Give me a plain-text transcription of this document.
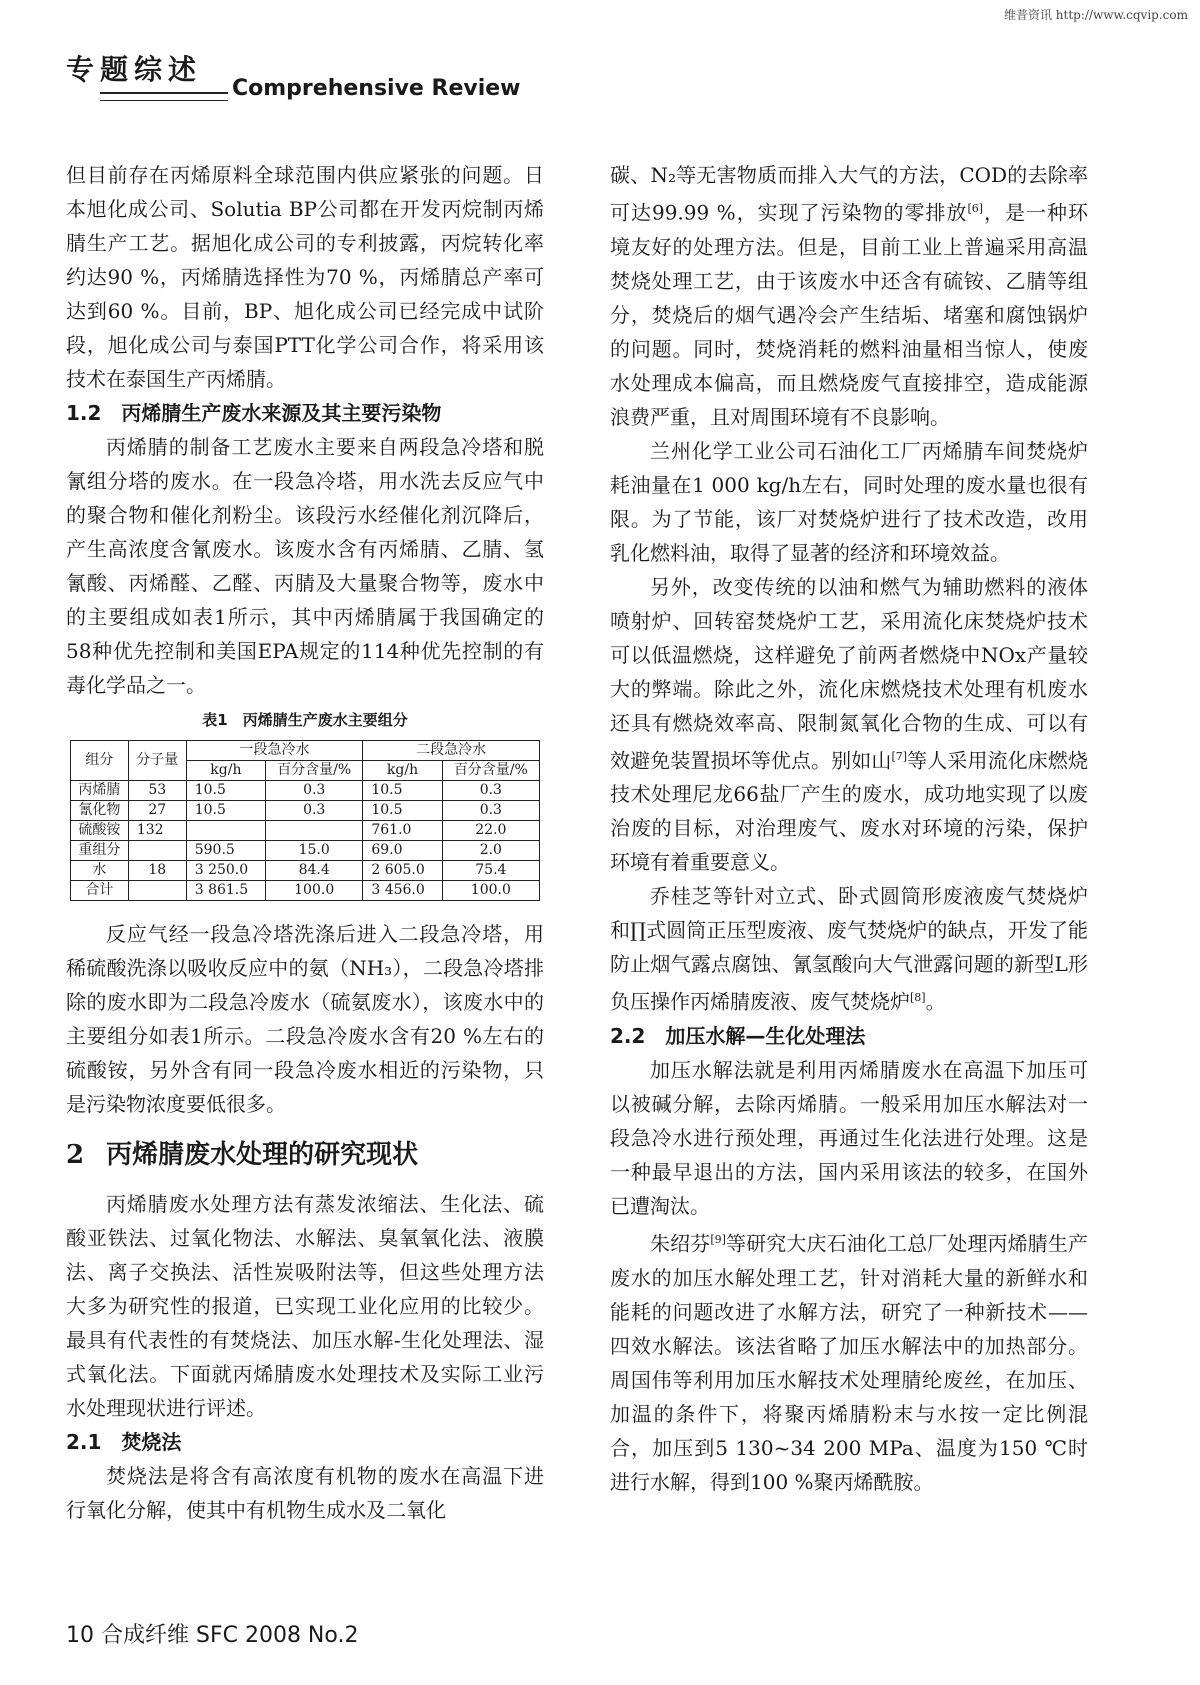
维普资讯 http://www.cqvip.com
专题综述
Comprehensive Review

但目前存在丙烯原料全球范围内供应紧张的问题。日本旭化成公司、Solutia BP公司都在开发丙烷制丙烯腈生产工艺。据旭化成公司的专利披露，丙烷转化率约达90 %，丙烯腈选择性为70 %，丙烯腈总产率可达到60 %。目前，BP、旭化成公司已经完成中试阶段，旭化成公司与泰国PTT化学公司合作，将采用该技术在泰国生产丙烯腈。

1.2　丙烯腈生产废水来源及其主要污染物

丙烯腈的制备工艺废水主要来自两段急冷塔和脱氰组分塔的废水。在一段急冷塔，用水洗去反应气中的聚合物和催化剂粉尘。该段污水经催化剂沉降后，产生高浓度含氰废水。该废水含有丙烯腈、乙腈、氢氰酸、丙烯醛、乙醛、丙腈及大量聚合物等，废水中的主要组成如表1所示，其中丙烯腈属于我国确定的58种优先控制和美国EPA规定的114种优先控制的有毒化学品之一。

表1　丙烯腈生产废水主要组分
组分	分子量	一段急冷水		二段急冷水	
		kg/h	百分含量/%	kg/h	百分含量/%
丙烯腈	53	10.5	0.3	10.5	0.3
氰化物	27	10.5	0.3	10.5	0.3
硫酸铵	132			761.0	22.0
重组分		590.5	15.0	69.0	2.0
水	18	3 250.0	84.4	2 605.0	75.4
合计		3 861.5	100.0	3 456.0	100.0

反应气经一段急冷塔洗涤后进入二段急冷塔，用稀硫酸洗涤以吸收反应中的氨（NH₃），二段急冷塔排除的废水即为二段急冷废水（硫氨废水），该废水中的主要组分如表1所示。二段急冷废水含有20 %左右的硫酸铵，另外含有同一段急冷废水相近的污染物，只是污染物浓度要低很多。

2 丙烯腈废水处理的研究现状

丙烯腈废水处理方法有蒸发浓缩法、生化法、硫酸亚铁法、过氧化物法、水解法、臭氧氧化法、液膜法、离子交换法、活性炭吸附法等，但这些处理方法大多为研究性的报道，已实现工业化应用的比较少。最具有代表性的有焚烧法、加压水解-生化处理法、湿式氧化法。下面就丙烯腈废水处理技术及实际工业污水处理现状进行评述。

2.1　焚烧法

焚烧法是将含有高浓度有机物的废水在高温下进行氧化分解，使其中有机物生成水及二氧化

碳、N₂等无害物质而排入大气的方法，COD的去除率可达99.99 %，实现了污染物的零排放[6]，是一种环境友好的处理方法。但是，目前工业上普遍采用高温焚烧处理工艺，由于该废水中还含有硫铵、乙腈等组分，焚烧后的烟气遇冷会产生结垢、堵塞和腐蚀锅炉的问题。同时，焚烧消耗的燃料油量相当惊人，使废水处理成本偏高，而且燃烧废气直接排空，造成能源浪费严重，且对周围环境有不良影响。

兰州化学工业公司石油化工厂丙烯腈车间焚烧炉耗油量在1 000 kg/h左右，同时处理的废水量也很有限。为了节能，该厂对焚烧炉进行了技术改造，改用乳化燃料油，取得了显著的经济和环境效益。

另外，改变传统的以油和燃气为辅助燃料的液体喷射炉、回转窑焚烧炉工艺，采用流化床焚烧炉技术可以低温燃烧，这样避免了前两者燃烧中NOx产量较大的弊端。除此之外，流化床燃烧技术处理有机废水还具有燃烧效率高、限制氮氧化合物的生成、可以有效避免装置损坏等优点。别如山[7]等人采用流化床燃烧技术处理尼龙66盐厂产生的废水，成功地实现了以废治废的目标，对治理废气、废水对环境的污染，保护环境有着重要意义。

乔桂芝等针对立式、卧式圆筒形废液废气焚烧炉和∏式圆筒正压型废液、废气焚烧炉的缺点，开发了能防止烟气露点腐蚀、氰氢酸向大气泄露问题的新型L形负压操作丙烯腈废液、废气焚烧炉[8]。

2.2　加压水解—生化处理法

加压水解法就是利用丙烯腈废水在高温下加压可以被碱分解，去除丙烯腈。一般采用加压水解法对一段急冷水进行预处理，再通过生化法进行处理。这是一种最早退出的方法，国内采用该法的较多，在国外已遭淘汰。

朱绍芬[9]等研究大庆石油化工总厂处理丙烯腈生产废水的加压水解处理工艺，针对消耗大量的新鲜水和能耗的问题改进了水解方法，研究了一种新技术——四效水解法。该法省略了加压水解法中的加热部分。周国伟等利用加压水解技术处理腈纶废丝，在加压、加温的条件下，将聚丙烯腈粉末与水按一定比例混合，加压到5 130~34 200 MPa、温度为150 ℃时进行水解，得到100 %聚丙烯酰胺。

10 合成纤维 SFC 2008 No.2
